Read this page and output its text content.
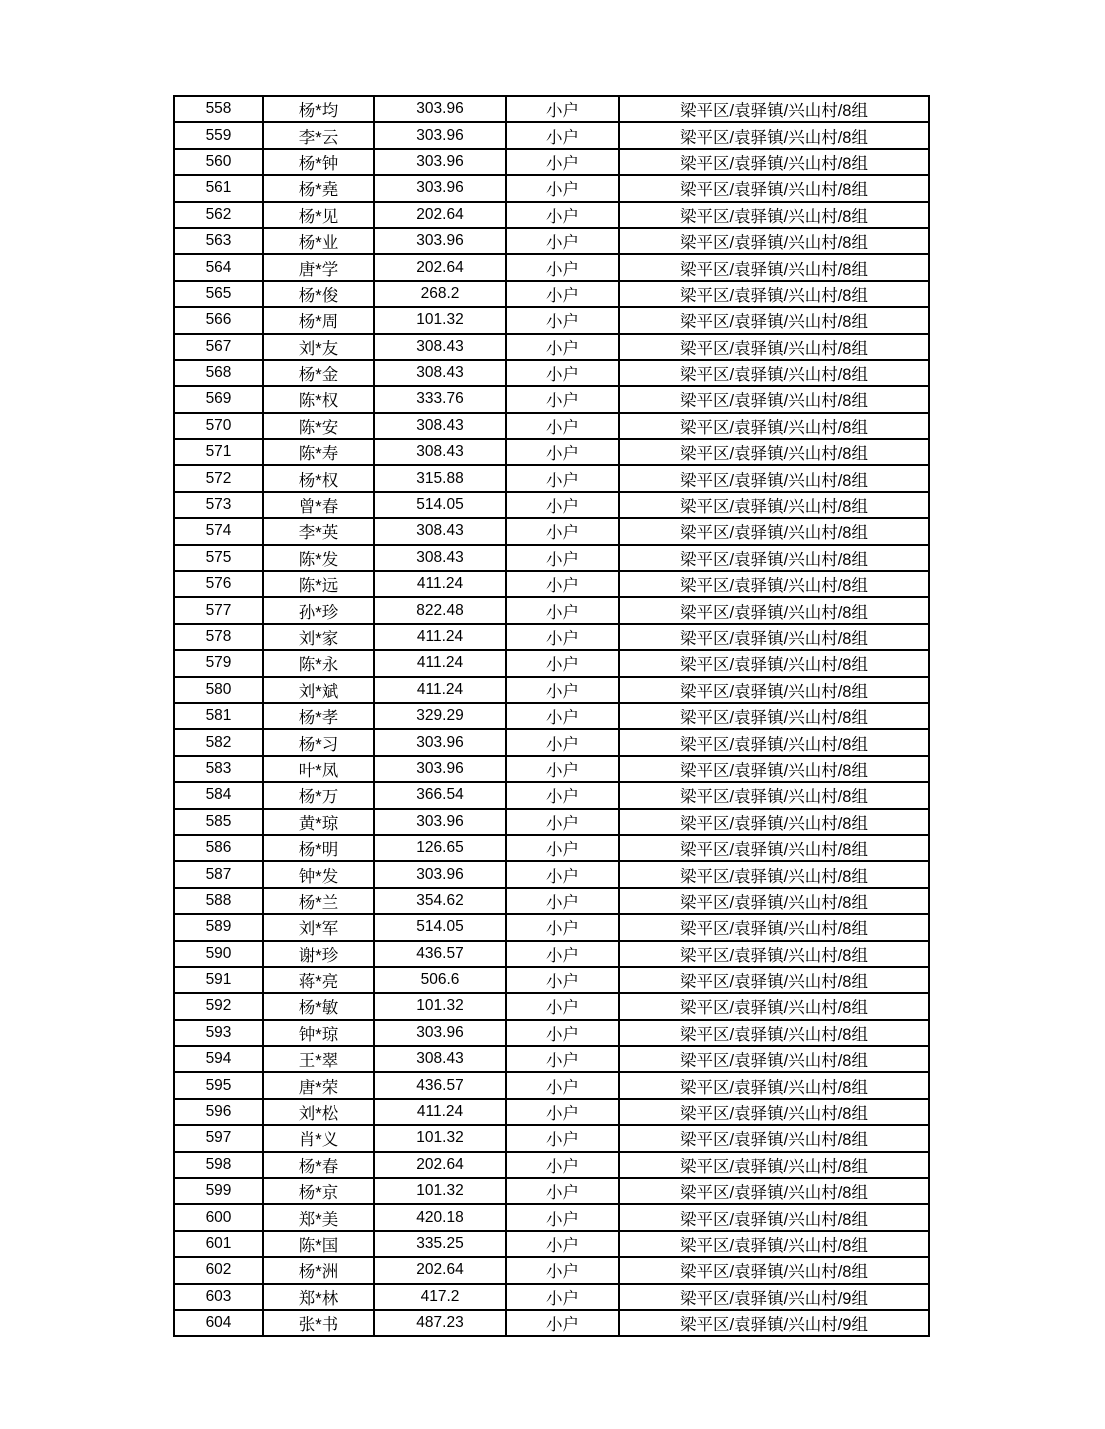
558	杨*均	303.96	小户	梁平区/袁驿镇/兴山村/8组
559	李*云	303.96	小户	梁平区/袁驿镇/兴山村/8组
560	杨*钟	303.96	小户	梁平区/袁驿镇/兴山村/8组
561	杨*堯	303.96	小户	梁平区/袁驿镇/兴山村/8组
562	杨*见	202.64	小户	梁平区/袁驿镇/兴山村/8组
563	杨*业	303.96	小户	梁平区/袁驿镇/兴山村/8组
564	唐*学	202.64	小户	梁平区/袁驿镇/兴山村/8组
565	杨*俊	268.2	小户	梁平区/袁驿镇/兴山村/8组
566	杨*周	101.32	小户	梁平区/袁驿镇/兴山村/8组
567	刘*友	308.43	小户	梁平区/袁驿镇/兴山村/8组
568	杨*金	308.43	小户	梁平区/袁驿镇/兴山村/8组
569	陈*权	333.76	小户	梁平区/袁驿镇/兴山村/8组
570	陈*安	308.43	小户	梁平区/袁驿镇/兴山村/8组
571	陈*寿	308.43	小户	梁平区/袁驿镇/兴山村/8组
572	杨*权	315.88	小户	梁平区/袁驿镇/兴山村/8组
573	曾*春	514.05	小户	梁平区/袁驿镇/兴山村/8组
574	李*英	308.43	小户	梁平区/袁驿镇/兴山村/8组
575	陈*发	308.43	小户	梁平区/袁驿镇/兴山村/8组
576	陈*远	411.24	小户	梁平区/袁驿镇/兴山村/8组
577	孙*珍	822.48	小户	梁平区/袁驿镇/兴山村/8组
578	刘*家	411.24	小户	梁平区/袁驿镇/兴山村/8组
579	陈*永	411.24	小户	梁平区/袁驿镇/兴山村/8组
580	刘*斌	411.24	小户	梁平区/袁驿镇/兴山村/8组
581	杨*孝	329.29	小户	梁平区/袁驿镇/兴山村/8组
582	杨*习	303.96	小户	梁平区/袁驿镇/兴山村/8组
583	叶*凤	303.96	小户	梁平区/袁驿镇/兴山村/8组
584	杨*万	366.54	小户	梁平区/袁驿镇/兴山村/8组
585	黄*琼	303.96	小户	梁平区/袁驿镇/兴山村/8组
586	杨*明	126.65	小户	梁平区/袁驿镇/兴山村/8组
587	钟*发	303.96	小户	梁平区/袁驿镇/兴山村/8组
588	杨*兰	354.62	小户	梁平区/袁驿镇/兴山村/8组
589	刘*军	514.05	小户	梁平区/袁驿镇/兴山村/8组
590	谢*珍	436.57	小户	梁平区/袁驿镇/兴山村/8组
591	蒋*亮	506.6	小户	梁平区/袁驿镇/兴山村/8组
592	杨*敏	101.32	小户	梁平区/袁驿镇/兴山村/8组
593	钟*琼	303.96	小户	梁平区/袁驿镇/兴山村/8组
594	王*翠	308.43	小户	梁平区/袁驿镇/兴山村/8组
595	唐*荣	436.57	小户	梁平区/袁驿镇/兴山村/8组
596	刘*松	411.24	小户	梁平区/袁驿镇/兴山村/8组
597	肖*义	101.32	小户	梁平区/袁驿镇/兴山村/8组
598	杨*春	202.64	小户	梁平区/袁驿镇/兴山村/8组
599	杨*京	101.32	小户	梁平区/袁驿镇/兴山村/8组
600	郑*美	420.18	小户	梁平区/袁驿镇/兴山村/8组
601	陈*国	335.25	小户	梁平区/袁驿镇/兴山村/8组
602	杨*洲	202.64	小户	梁平区/袁驿镇/兴山村/8组
603	郑*林	417.2	小户	梁平区/袁驿镇/兴山村/9组
604	张*书	487.23	小户	梁平区/袁驿镇/兴山村/9组
